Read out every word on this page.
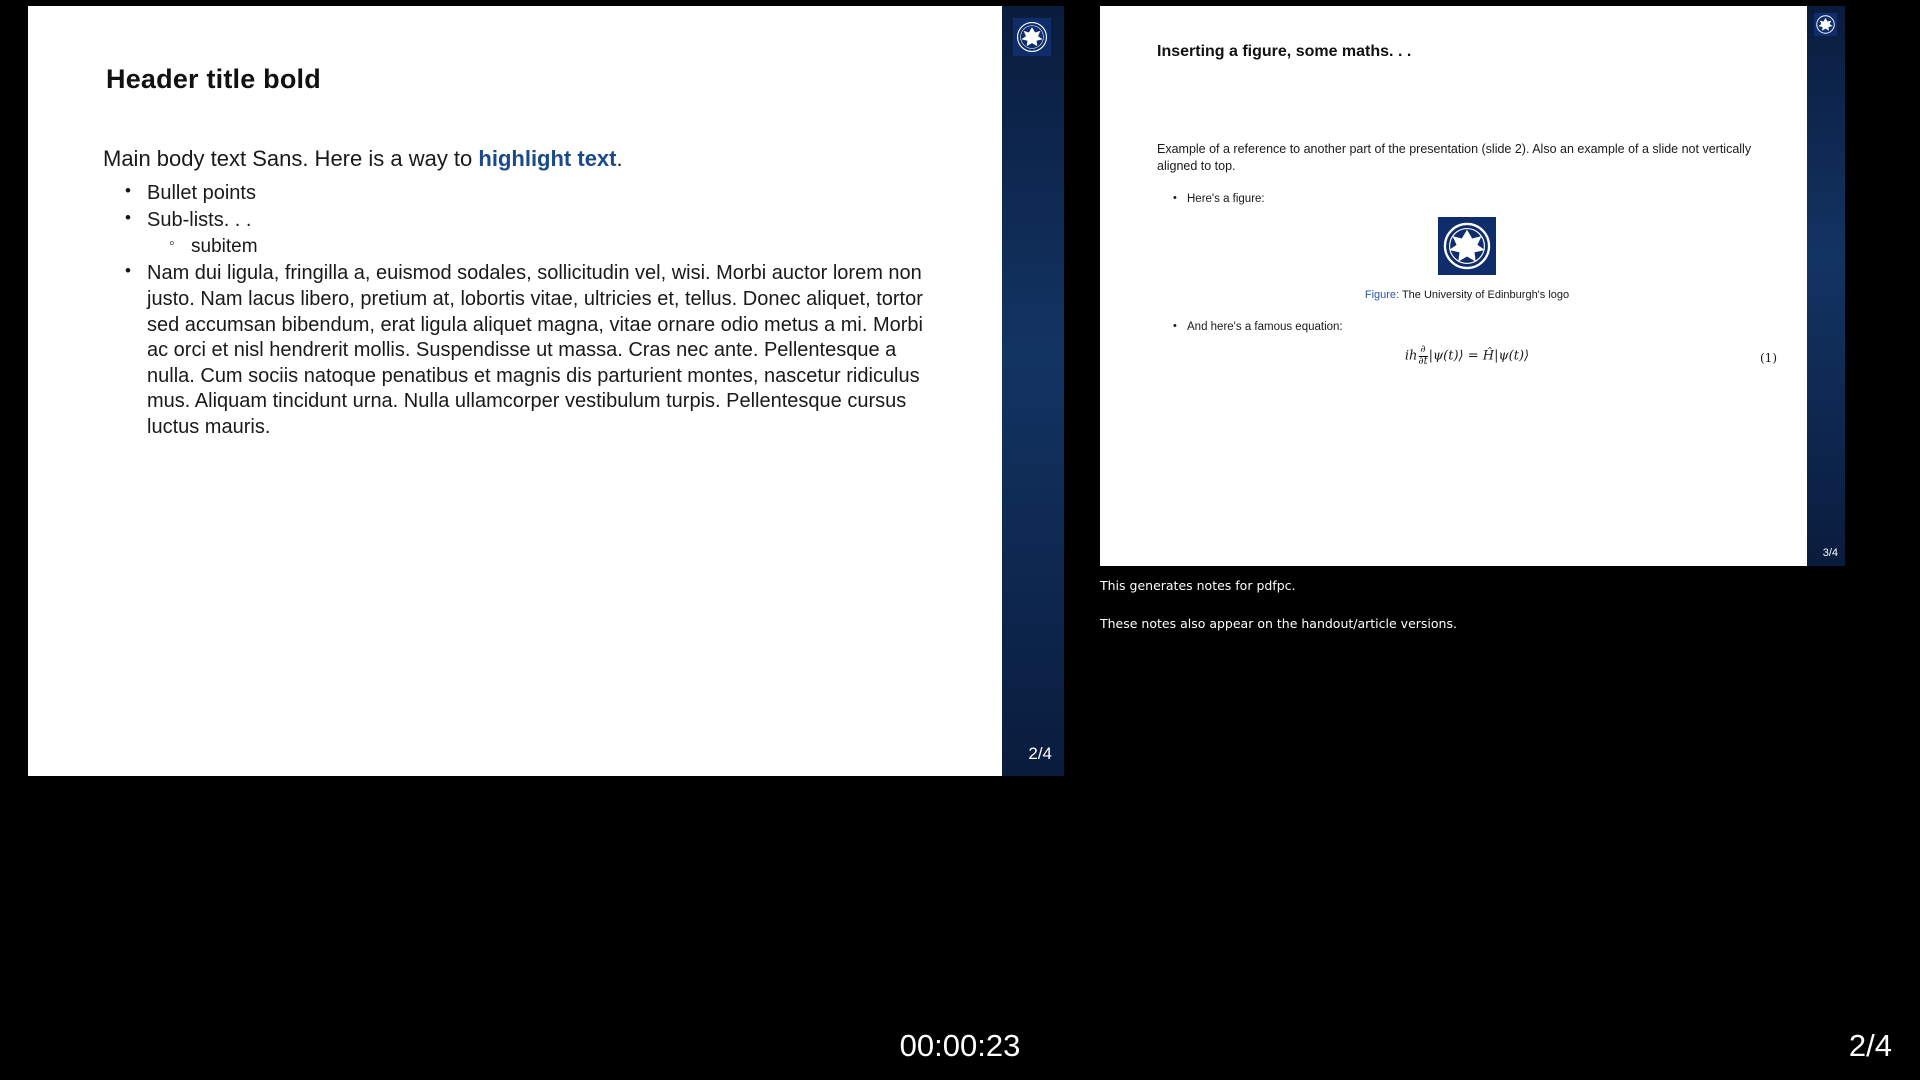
Header title bold
Main body text Sans. Here is a way to highlight text.
• Bullet points
• Sub-lists. . .
◦ subitem
• Nam dui ligula, fringilla a, euismod sodales, sollicitudin vel, wisi. Morbi auctor lorem non justo. Nam lacus libero, pretium at, lobortis vitae, ultricies et, tellus. Donec aliquet, tortor sed accumsan bibendum, erat ligula aliquet magna, vitae ornare odio metus a mi. Morbi ac orci et nisl hendrerit mollis. Suspendisse ut massa. Cras nec ante. Pellentesque a nulla. Cum sociis natoque penatibus et magnis dis parturient montes, nascetur ridiculus mus. Aliquam tincidunt urna. Nulla ullamcorper vestibulum turpis. Pellentesque cursus luctus mauris.
2/4
Inserting a figure, some maths. . .
Example of a reference to another part of the presentation (slide 2). Also an example of a slide not vertically aligned to top.
• Here's a figure:
Figure: The University of Edinburgh's logo
• And here's a famous equation:
ih $\frac{\partial}{\partial t}$ |ψ(t)⟩ = Ĥ|ψ(t)⟩	(1)
3/4

This generates notes for pdfpc.

These notes also appear on the handout/article versions.

00:00:23	2/4
